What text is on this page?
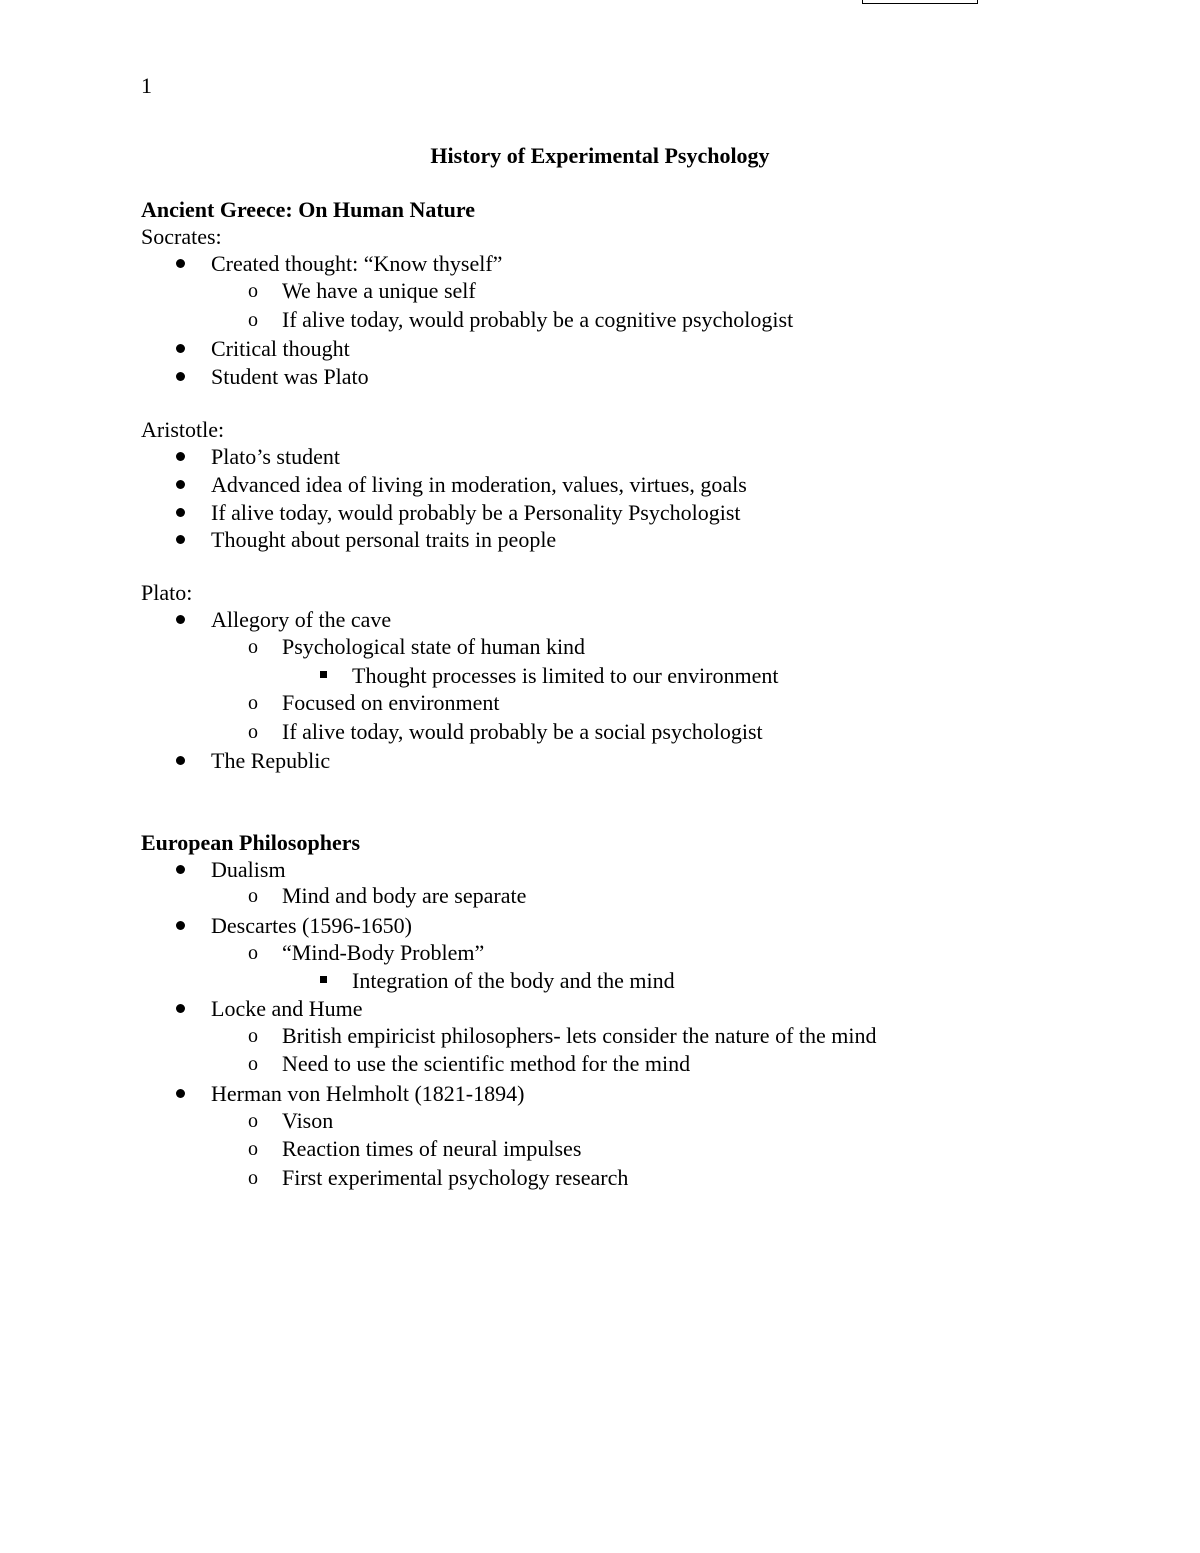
1
History of Experimental Psychology
Ancient Greece: On Human Nature
Socrates:
Created thought: “Know thyself”
o We have a unique self
o If alive today, would probably be a cognitive psychologist
Critical thought
Student was Plato
Aristotle:
Plato’s student
Advanced idea of living in moderation, values, virtues, goals
If alive today, would probably be a Personality Psychologist
Thought about personal traits in people
Plato:
Allegory of the cave
o Psychological state of human kind
Thought processes is limited to our environment
o Focused on environment
o If alive today, would probably be a social psychologist
The Republic
European Philosophers
Dualism
o Mind and body are separate
Descartes (1596-1650)
o “Mind-Body Problem”
Integration of the body and the mind
Locke and Hume
o British empiricist philosophers- lets consider the nature of the mind
o Need to use the scientific method for the mind
Herman von Helmholt (1821-1894)
o Vison
o Reaction times of neural impulses
o First experimental psychology research
